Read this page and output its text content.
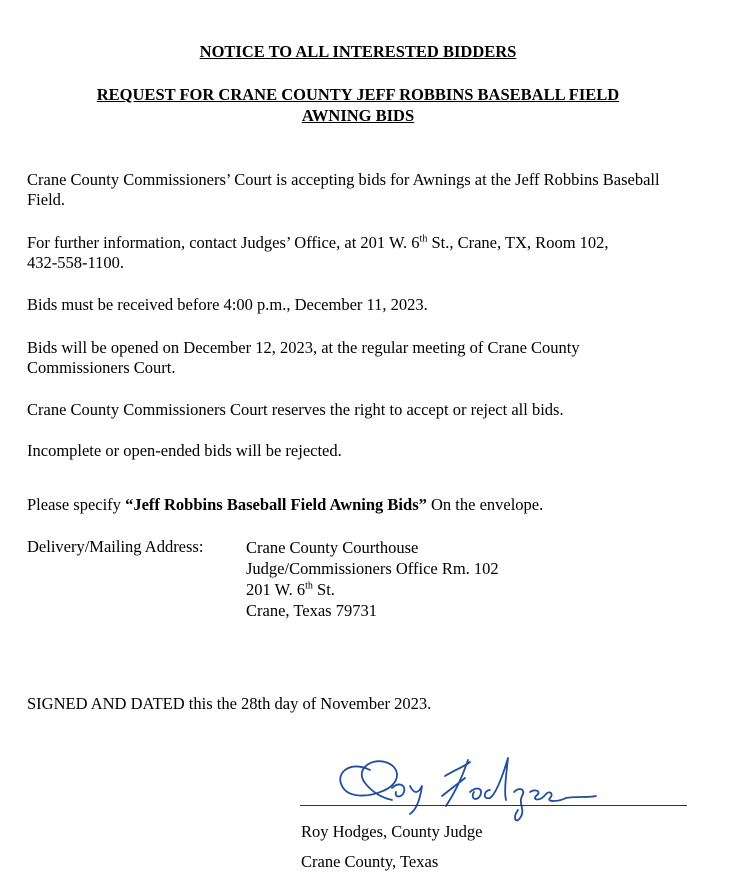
NOTICE TO ALL INTERESTED BIDDERS
REQUEST FOR CRANE COUNTY JEFF ROBBINS BASEBALL FIELD
AWNING BIDS
Crane County Commissioners’ Court is accepting bids for Awnings at the Jeff Robbins Baseball Field.
For further information, contact Judges’ Office, at 201 W. 6th St., Crane, TX, Room 102,
432-558-1100.
Bids must be received before 4:00 p.m., December 11, 2023.
Bids will be opened on December 12, 2023, at the regular meeting of Crane County Commissioners Court.
Crane County Commissioners Court reserves the right to accept or reject all bids.
Incomplete or open-ended bids will be rejected.
Please specify “Jeff Robbins Baseball Field Awning Bids” On the envelope.
Delivery/Mailing Address:	Crane County Courthouse
Judge/Commissioners Office Rm. 102
201 W. 6th St.
Crane, Texas 79731
SIGNED AND DATED this the 28th day of November 2023.
Roy Hodges, County Judge
Crane County, Texas
